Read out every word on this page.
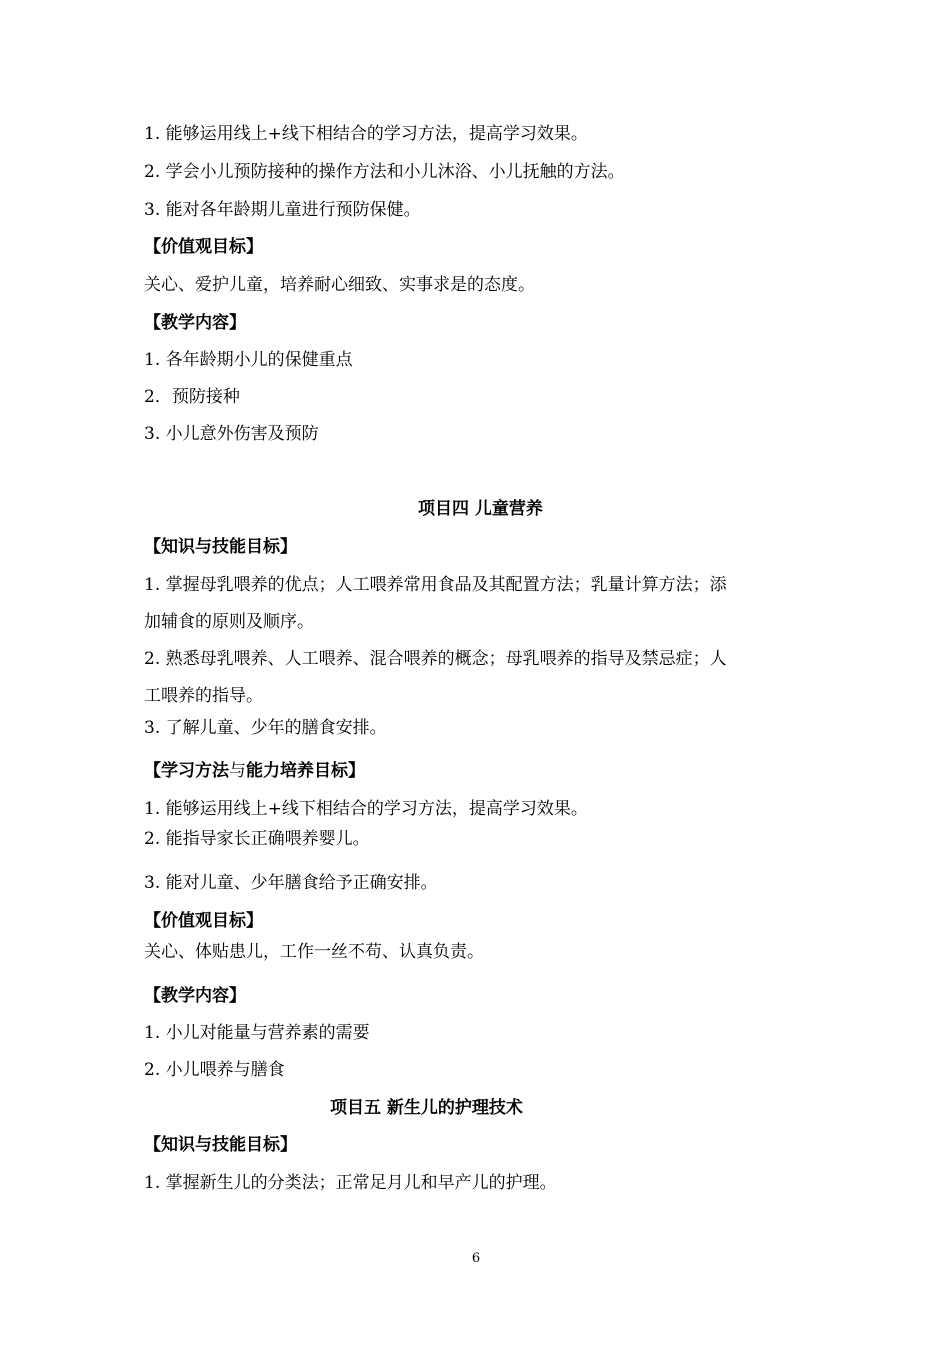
1. 能够运用线上+线下相结合的学习方法，提高学习效果。
2. 学会小儿预防接种的操作方法和小儿沐浴、小儿抚触的方法。
3. 能对各年龄期儿童进行预防保健。
【价值观目标】
关心、爱护儿童，培养耐心细致、实事求是的态度。
【教学内容】
1. 各年龄期小儿的保健重点
2．预防接种
3. 小儿意外伤害及预防
项目四 儿童营养
【知识与技能目标】
1. 掌握母乳喂养的优点；人工喂养常用食品及其配置方法；乳量计算方法；添
加辅食的原则及顺序。
2. 熟悉母乳喂养、人工喂养、混合喂养的概念；母乳喂养的指导及禁忌症；人
工喂养的指导。
3. 了解儿童、少年的膳食安排。
【学习方法与能力培养目标】
1. 能够运用线上+线下相结合的学习方法，提高学习效果。
2. 能指导家长正确喂养婴儿。
3. 能对儿童、少年膳食给予正确安排。
【价值观目标】
关心、体贴患儿，工作一丝不苟、认真负责。
【教学内容】
1. 小儿对能量与营养素的需要
2. 小儿喂养与膳食
项目五 新生儿的护理技术
【知识与技能目标】
1. 掌握新生儿的分类法；正常足月儿和早产儿的护理。
6
